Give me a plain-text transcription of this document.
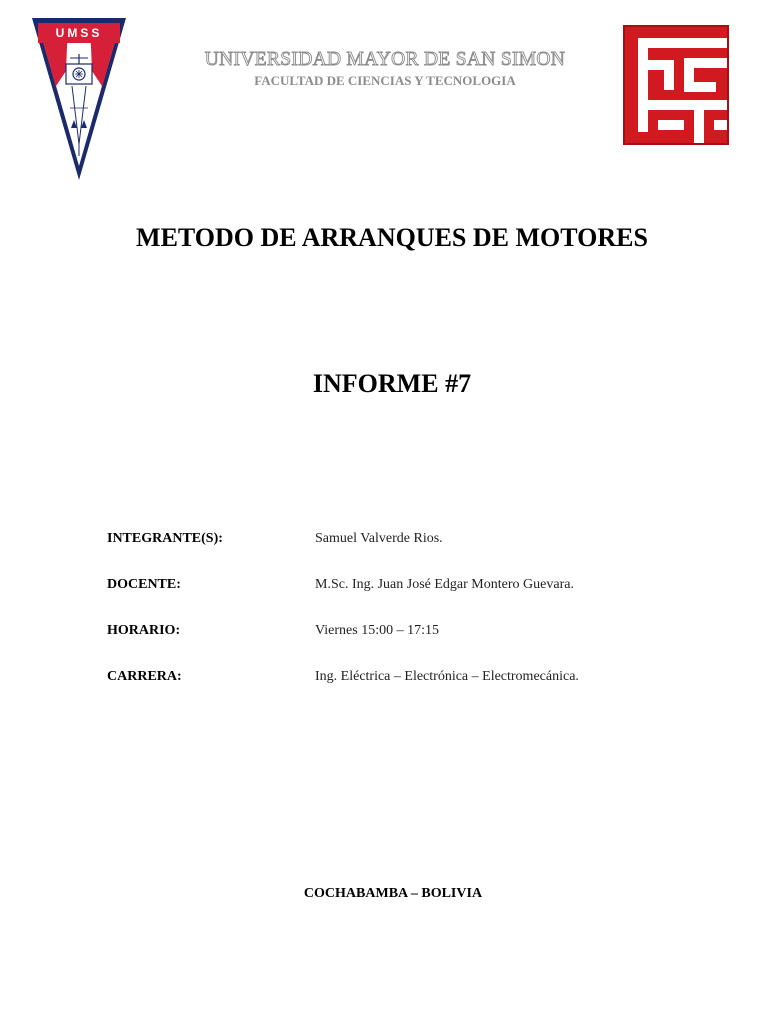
UMSS
UNIVERSIDAD MAYOR DE SAN SIMON
FACULTAD DE CIENCIAS Y TECNOLOGIA
METODO DE ARRANQUES DE MOTORES
INFORME #7
INTEGRANTE(S):	Samuel Valverde Rios.
DOCENTE:	M.Sc. Ing. Juan José Edgar Montero Guevara.
HORARIO:	Viernes 15:00 – 17:15
CARRERA:	Ing. Eléctrica – Electrónica – Electromecánica.
COCHABAMBA – BOLIVIA
